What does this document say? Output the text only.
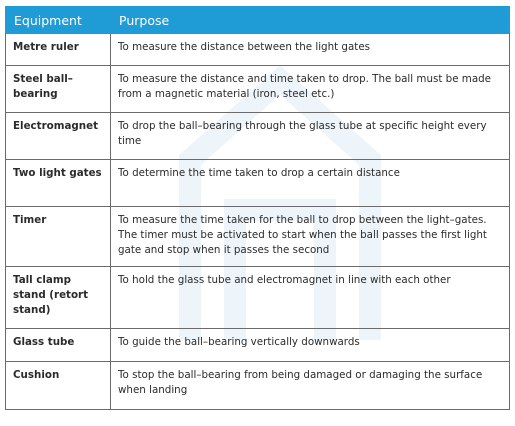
Equipment	Purpose
Metre ruler	To measure the distance between the light gates
Steel ball–bearing	To measure the distance and time taken to drop. The ball must be made from a magnetic material (iron, steel etc.)
Electromagnet	To drop the ball–bearing through the glass tube at specific height every time
Two light gates	To determine the time taken to drop a certain distance
Timer	To measure the time taken for the ball to drop between the light–gates. The timer must be activated to start when the ball passes the first light gate and stop when it passes the second
Tall clamp stand (retort stand)	To hold the glass tube and electromagnet in line with each other
Glass tube	To guide the ball–bearing vertically downwards
Cushion	To stop the ball–bearing from being damaged or damaging the surface when landing
